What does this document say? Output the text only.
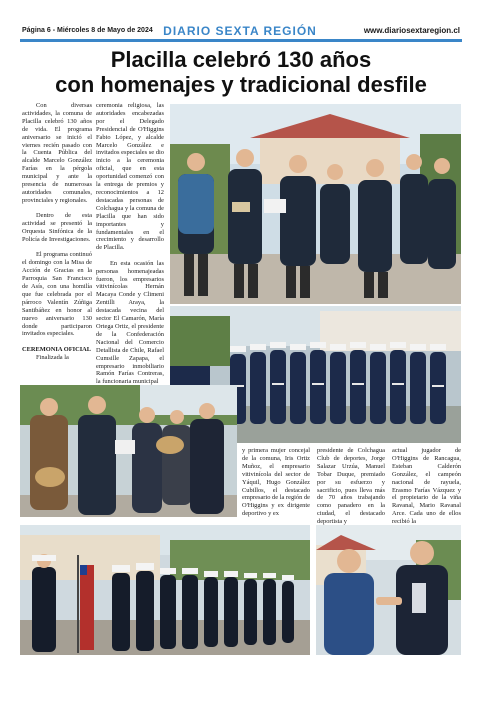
Página 6 - Miércoles 8 de Mayo de 2024 DIARIO SEXTA REGIÓN	www.diariosextaregion.cl
Placilla celebró 130 años
con homenajes y tradicional desfile

Con diversas actividades, la comuna de Placilla celebró 130 años de vida. El programa aniversario se inició el viernes recién pasado con la Cuenta Pública del alcalde Marcelo González Farías en la pérgola municipal y ante la presencia de numerosas autoridades comunales, provinciales y regionales.

Dentro de esta actividad se presentó la Orquesta Sinfónica de la Policía de Investigaciones.

El programa continuó el domingo con la Misa de Acción de Gracias en la Parroquia San Francisco de Asís, con una homilía que fue celebrada por el párroco Valentín Zúñiga Santibáñez en honor al nuevo aniversario 130 donde participaron invitados especiales.

CEREMONIA OFICIAL

Finalizada la

ceremonia religiosa, las autoridades encabezadas por el Delegado Presidencial de O'Higgins Fabio López, y alcalde Marcelo González e invitados especiales se dio inicio a la ceremonia oficial, que en esta oportunidad comenzó con la entrega de premios y reconocimientos a 12 destacadas personas de Colchagua y la comuna de Placilla que han sido importantes y fundamentales en el crecimiento y desarrollo de Placilla.

En esta ocasión las personas homenajeadas fueron, los empresarios vitivinícolas Hernán Macaya Conde y Climeni Zentilli Araya, la destacada vecina del sector El Camarón, María Ortega Ortiz, el presidente de la Confederación Nacional del Comercio Detallista de Chile, Rafael Cumsille Zapapa, el empresario inmobiliario Ramón Farías Contreras, la funcionaria municipal

y primera mujer concejal de la comuna, Iris Ortiz Muñoz, el empresario vitivinícola del sector de Yáquil, Hugo González Cubillos, el destacado empresario de la región de O'Higgins y ex dirigente deportivo y ex

presidente de Colchagua Club de deportes, Jorge Salazar Urzúa, Manuel Tobar Duque, premiado por su esfuerzo y sacrificio, pues lleva más de 70 años trabajando como panadero en la ciudad, el destacado deportista y

actual jugador de O'Higgins de Rancagua, Esteban Calderón González, el campeón nacional de rayuela, Erasmo Farías Vázquez y el propietario de la viña Ravanal, Mario Ravanal Arce. Cada uno de ellos recibió la
